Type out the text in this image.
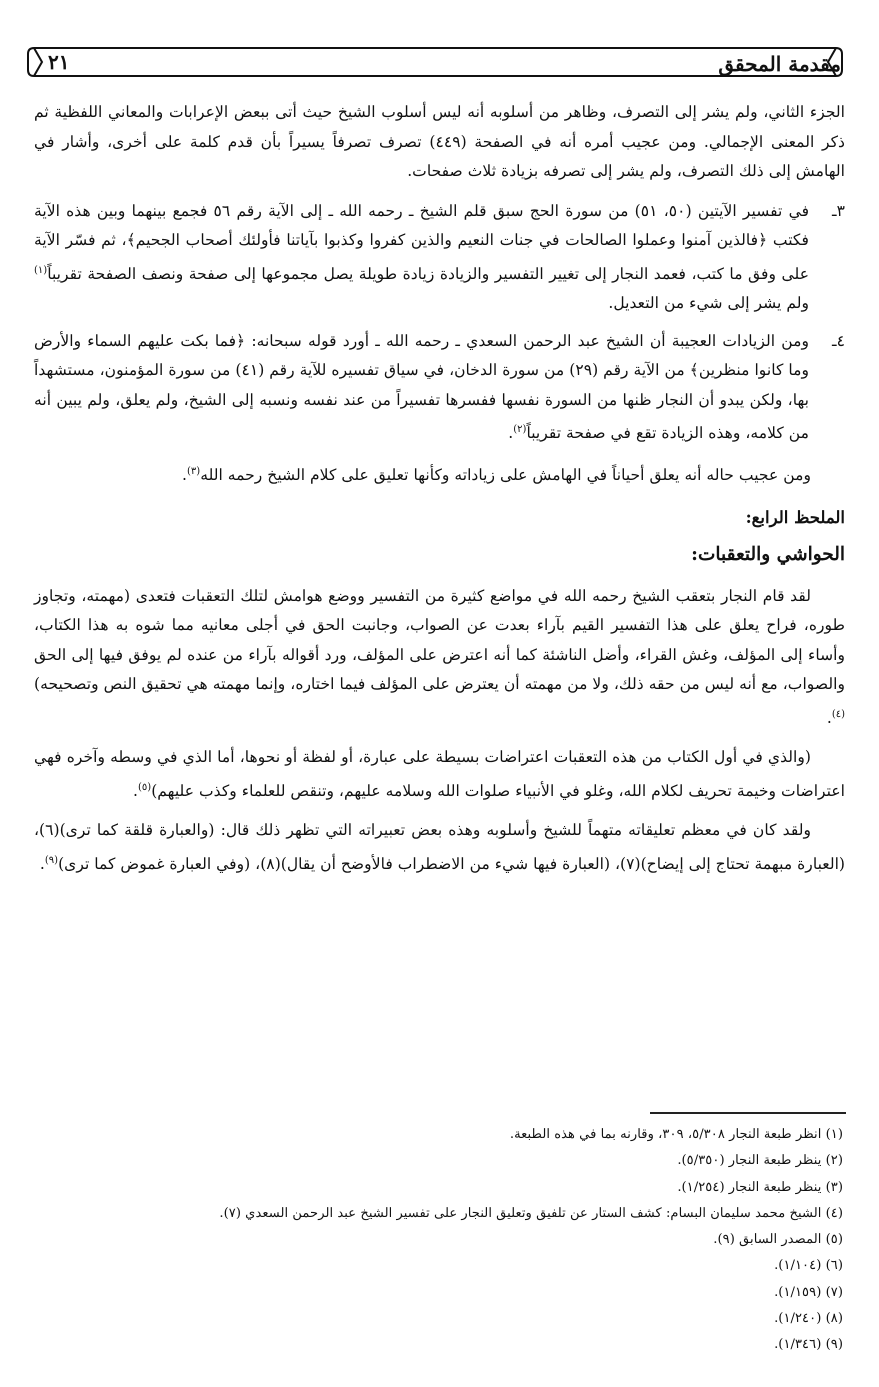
مقدمة المحقق
٢١

الجزء الثاني، ولم يشر إلى التصرف، وظاهر من أسلوبه أنه ليس أسلوب الشيخ حيث أتى ببعض الإعرابات والمعاني اللفظية ثم ذكر المعنى الإجمالي. ومن عجيب أمره أنه في الصفحة (٤٤٩) تصرف تصرفاً يسيراً بأن قدم كلمة على أخرى، وأشار في الهامش إلى ذلك التصرف، ولم يشر إلى تصرفه بزيادة ثلاث صفحات.

٣ـ
في تفسير الآيتين (٥٠، ٥١) من سورة الحج سبق قلم الشيخ ـ رحمه الله ـ إلى الآية رقم ٥٦ فجمع بينهما وبين هذه الآية فكتب ﴿فالذين آمنوا وعملوا الصالحات في جنات النعيم والذين كفروا وكذبوا بآياتنا فأولئك أصحاب الجحيم﴾، ثم فسّر الآية على وفق ما كتب، فعمد النجار إلى تغيير التفسير والزيادة زيادة طويلة يصل مجموعها إلى صفحة ونصف الصفحة تقريباً$^{(١)}$ ولم يشر إلى شيء من التعديل.
٤ـ
ومن الزيادات العجيبة أن الشيخ عبد الرحمن السعدي ـ رحمه الله ـ أورد قوله سبحانه: ﴿فما بكت عليهم السماء والأرض وما كانوا منظرين﴾ من الآية رقم (٢٩) من سورة الدخان، في سياق تفسيره للآية رقم (٤١) من سورة المؤمنون، مستشهداً بها، ولكن يبدو أن النجار ظنها من السورة نفسها ففسرها تفسيراً من عند نفسه ونسبه إلى الشيخ، ولم يعلق، ولم يبين أنه من كلامه، وهذه الزيادة تقع في صفحة تقريباً$^{(٢)}$.

ومن عجيب حاله أنه يعلق أحياناً في الهامش على زياداته وكأنها تعليق على كلام الشيخ رحمه الله$^{(٣)}$.

الملحظ الرابع:
الحواشي والتعقبات:

لقد قام النجار بتعقب الشيخ رحمه الله في مواضع كثيرة من التفسير ووضع هوامش لتلك التعقبات فتعدى (مهمته، وتجاوز طوره، فراح يعلق على هذا التفسير القيم بآراء بعدت عن الصواب، وجانبت الحق في أجلى معانيه مما شوه به هذا الكتاب، وأساء إلى المؤلف، وغش القراء، وأضل الناشئة كما أنه اعترض على المؤلف، ورد أقواله بآراء من عنده لم يوفق فيها إلى الحق والصواب، مع أنه ليس من حقه ذلك، ولا من مهمته أن يعترض على المؤلف فيما اختاره، وإنما مهمته هي تحقيق النص وتصحيحه)$^{(٤)}$.

(والذي في أول الكتاب من هذه التعقبات اعتراضات بسيطة على عبارة، أو لفظة أو نحوها، أما الذي في وسطه وآخره فهي اعتراضات وخيمة تحريف لكلام الله، وغلو في الأنبياء صلوات الله وسلامه عليهم، وتنقص للعلماء وكذب عليهم)$^{(٥)}$.

ولقد كان في معظم تعليقاته متهماً للشيخ وأسلوبه وهذه بعض تعبيراته التي تظهر ذلك قال: (والعبارة قلقة كما ترى)(٦)، (العبارة مبهمة تحتاج إلى إيضاح)(٧)، (العبارة فيها شيء من الاضطراب فالأوضح أن يقال)(٨)، (وفي العبارة غموض كما ترى)$^{(٩)}$.

(١) انظر طبعة النجار ٥/٣٠٨، ٣٠٩، وقارنه بما في هذه الطبعة.
(٢) ينظر طبعة النجار (٥/٣٥٠).
(٣) ينظر طبعة النجار (١/٢٥٤).
(٤) الشيخ محمد سليمان البسام: كشف الستار عن تلفيق وتعليق النجار على تفسير الشيخ عبد الرحمن السعدي (٧).
(٥) المصدر السابق (٩).
(٦) (١/١٠٤).
(٧) (١/١٥٩).
(٨) (١/٢٤٠).
(٩) (١/٣٤٦).
